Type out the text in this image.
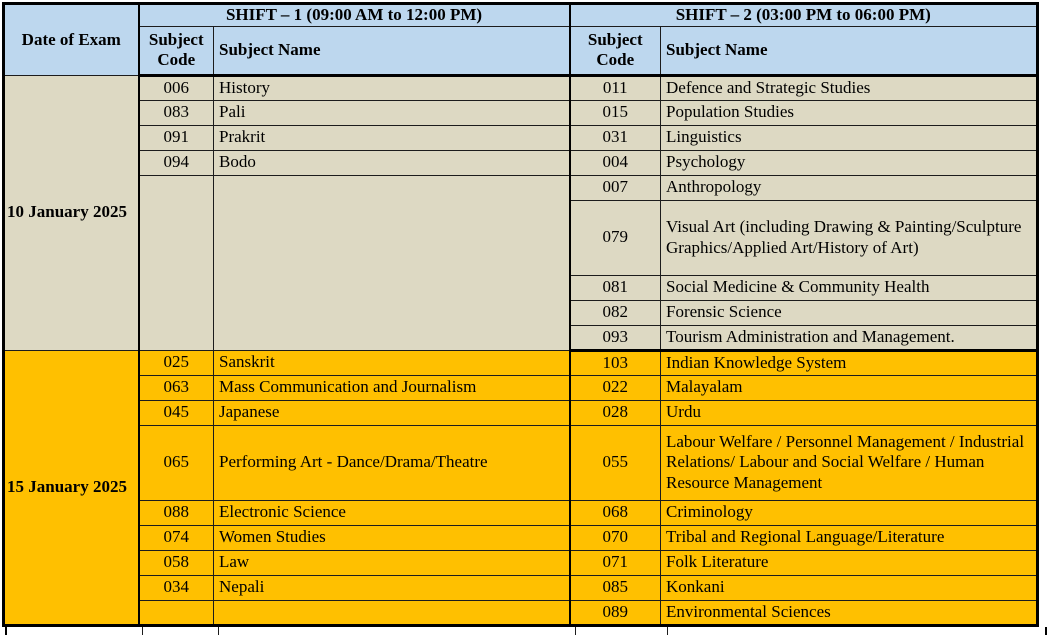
Date of Exam	SHIFT – 1 (09:00 AM to 12:00 PM)		SHIFT – 2 (03:00 PM to 06:00 PM)	
	Subject Code	Subject Name	Subject Code	Subject Name
10 January 2025	006	History	011	Defence and Strategic Studies
	083	Pali	015	Population Studies
	091	Prakrit	031	Linguistics
	094	Bodo	004	Psychology
			007	Anthropology
			079	Visual Art (including Drawing & Painting/Sculpture Graphics/Applied Art/History of Art)
			081	Social Medicine & Community Health
			082	Forensic Science
			093	Tourism Administration and Management.
15 January 2025	025	Sanskrit	103	Indian Knowledge System
	063	Mass Communication and Journalism	022	Malayalam
	045	Japanese	028	Urdu
	065	Performing Art - Dance/Drama/Theatre	055	Labour Welfare / Personnel Management / Industrial Relations/ Labour and Social Welfare / Human Resource Management
	088	Electronic Science	068	Criminology
	074	Women Studies	070	Tribal and Regional Language/Literature
	058	Law	071	Folk Literature
	034	Nepali	085	Konkani
			089	Environmental Sciences
